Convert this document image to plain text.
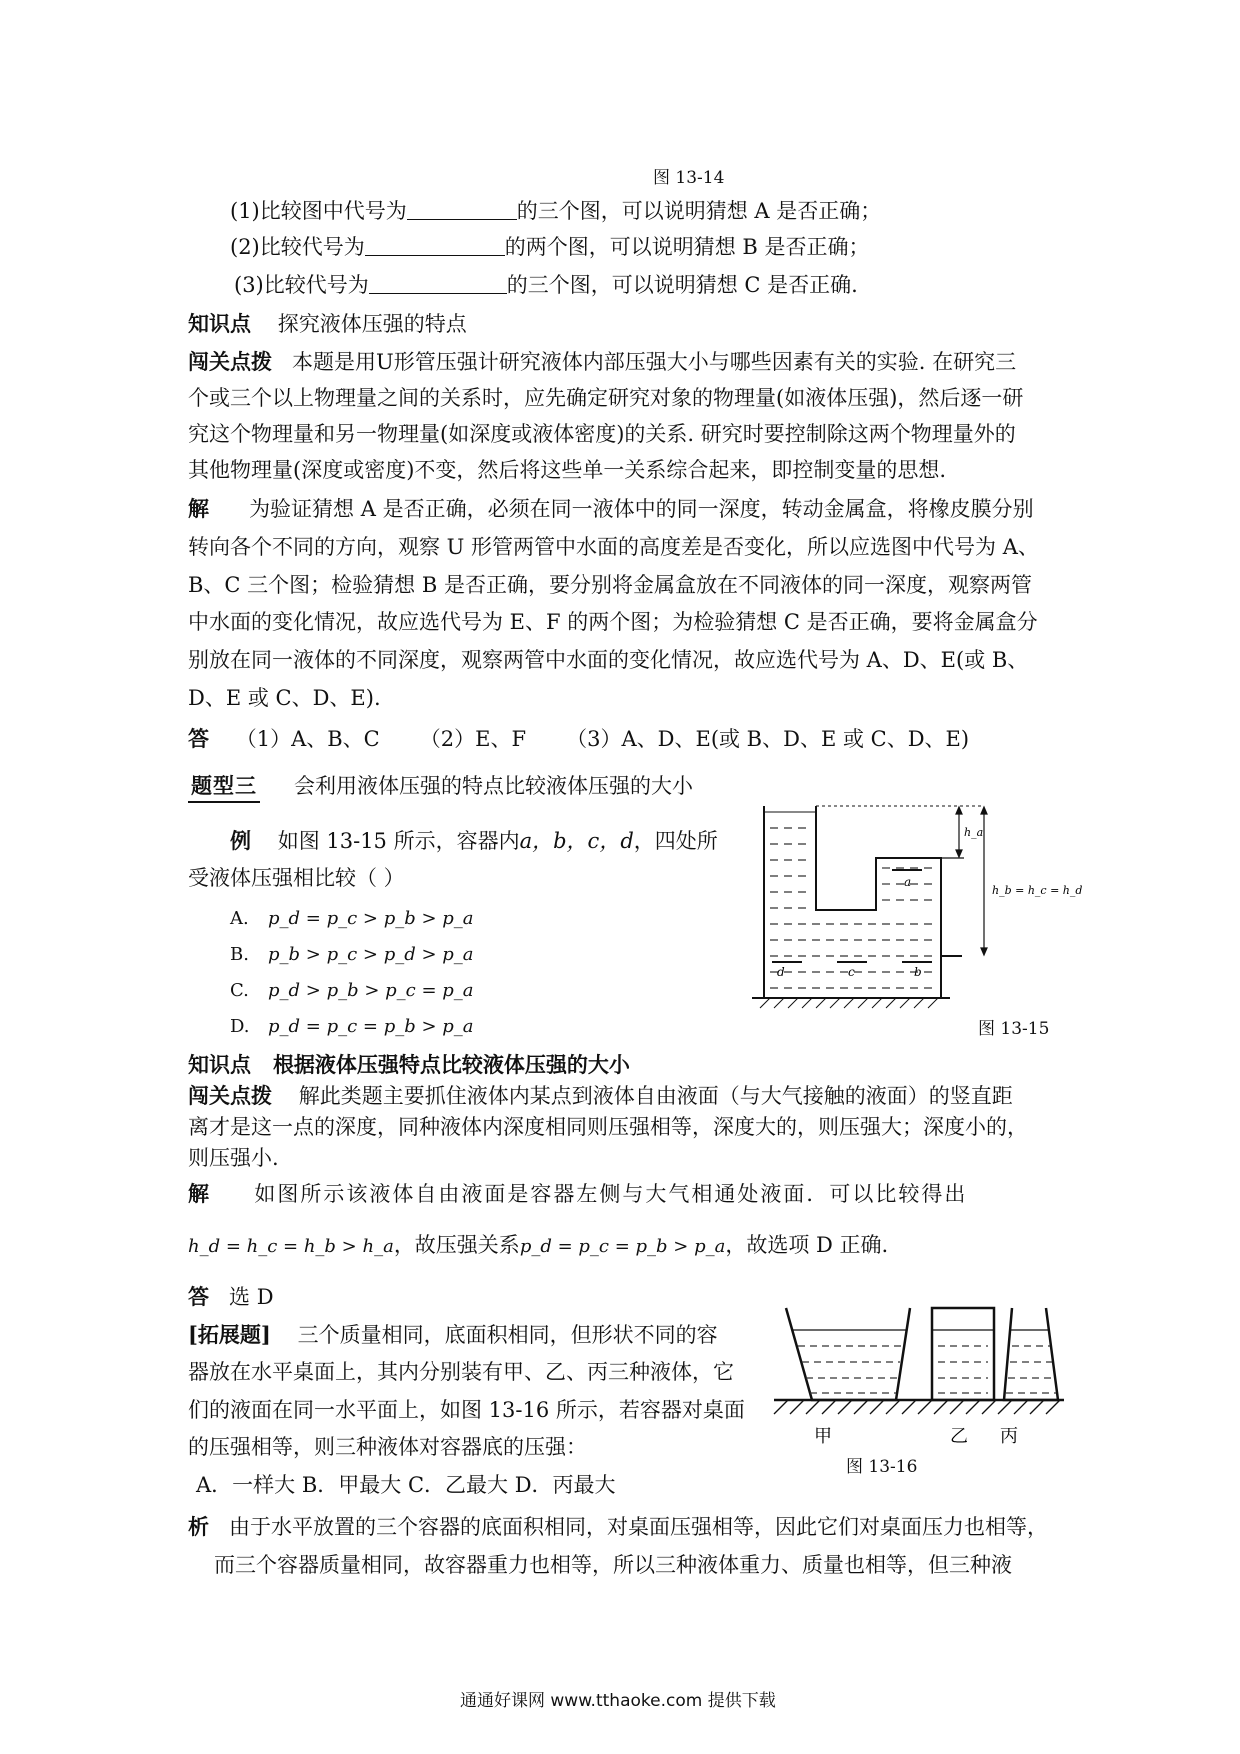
图 13-14
(1)比较图中代号为	的三个图，可以说明猜想 A 是否正确；
(2)比较代号为	的两个图，可以说明猜想 B 是否正确；
(3)比较代号为	的三个图，可以说明猜想 C 是否正确.
知识点 探究液体压强的特点
闯关点拨 本题是用U形管压强计研究液体内部压强大小与哪些因素有关的实验. 在研究三
个或三个以上物理量之间的关系时，应先确定研究对象的物理量(如液体压强)，然后逐一研
究这个物理量和另一物理量(如深度或液体密度)的关系. 研究时要控制除这两个物理量外的
其他物理量(深度或密度)不变，然后将这些单一关系综合起来，即控制变量的思想.
解 为验证猜想 A 是否正确，必须在同一液体中的同一深度，转动金属盒，将橡皮膜分别
转向各个不同的方向，观察 U 形管两管中水面的高度差是否变化，所以应选图中代号为 A、
B、C 三个图；检验猜想 B 是否正确，要分别将金属盒放在不同液体的同一深度，观察两管
中水面的变化情况，故应选代号为 E、F 的两个图；为检验猜想 C 是否正确，要将金属盒分
别放在同一液体的不同深度，观察两管中水面的变化情况，故应选代号为 A、D、E(或 B、
D、E 或 C、D、E).
答 （1）A、B、C （2）E、F （3）A、D、E(或 B、D、E 或 C、D、E)
题型三 会利用液体压强的特点比较液体压强的大小
例 如图 13-15 所示，容器内a，b，c，d，四处所
受液体压强相比较（ ）
A. p_d = p_c > p_b > p_a
B. p_b > p_c > p_d > p_a
C. p_d > p_b > p_c = p_a
D. p_d = p_c = p_b > p_a
h_a
h_b = h_c = h_d
a
d	c	b
图 13-15
知识点 根据液体压强特点比较液体压强的大小
闯关点拨 解此类题主要抓住液体内某点到液体自由液面（与大气接触的液面）的竖直距
离才是这一点的深度，同种液体内深度相同则压强相等，深度大的，则压强大；深度小的，
则压强小.
解 如图所示该液体自由液面是容器左侧与大气相通处液面．可以比较得出
h_d = h_c = h_b > h_a，故压强关系p_d = p_c = p_b > p_a，故选项 D 正确.
答 选 D
[拓展题] 三个质量相同，底面积相同，但形状不同的容
器放在水平桌面上，其内分别装有甲、乙、丙三种液体，它
们的液面在同一水平面上，如图 13-16 所示，若容器对桌面
的压强相等，则三种液体对容器底的压强：
A．一样大 B．甲最大 C．乙最大 D．丙最大
甲	乙 丙
图 13-16
析 由于水平放置的三个容器的底面积相同，对桌面压强相等，因此它们对桌面压力也相等，
而三个容器质量相同，故容器重力也相等，所以三种液体重力、质量也相等，但三种液
通通好课网 www.tthaoke.com 提供下载
